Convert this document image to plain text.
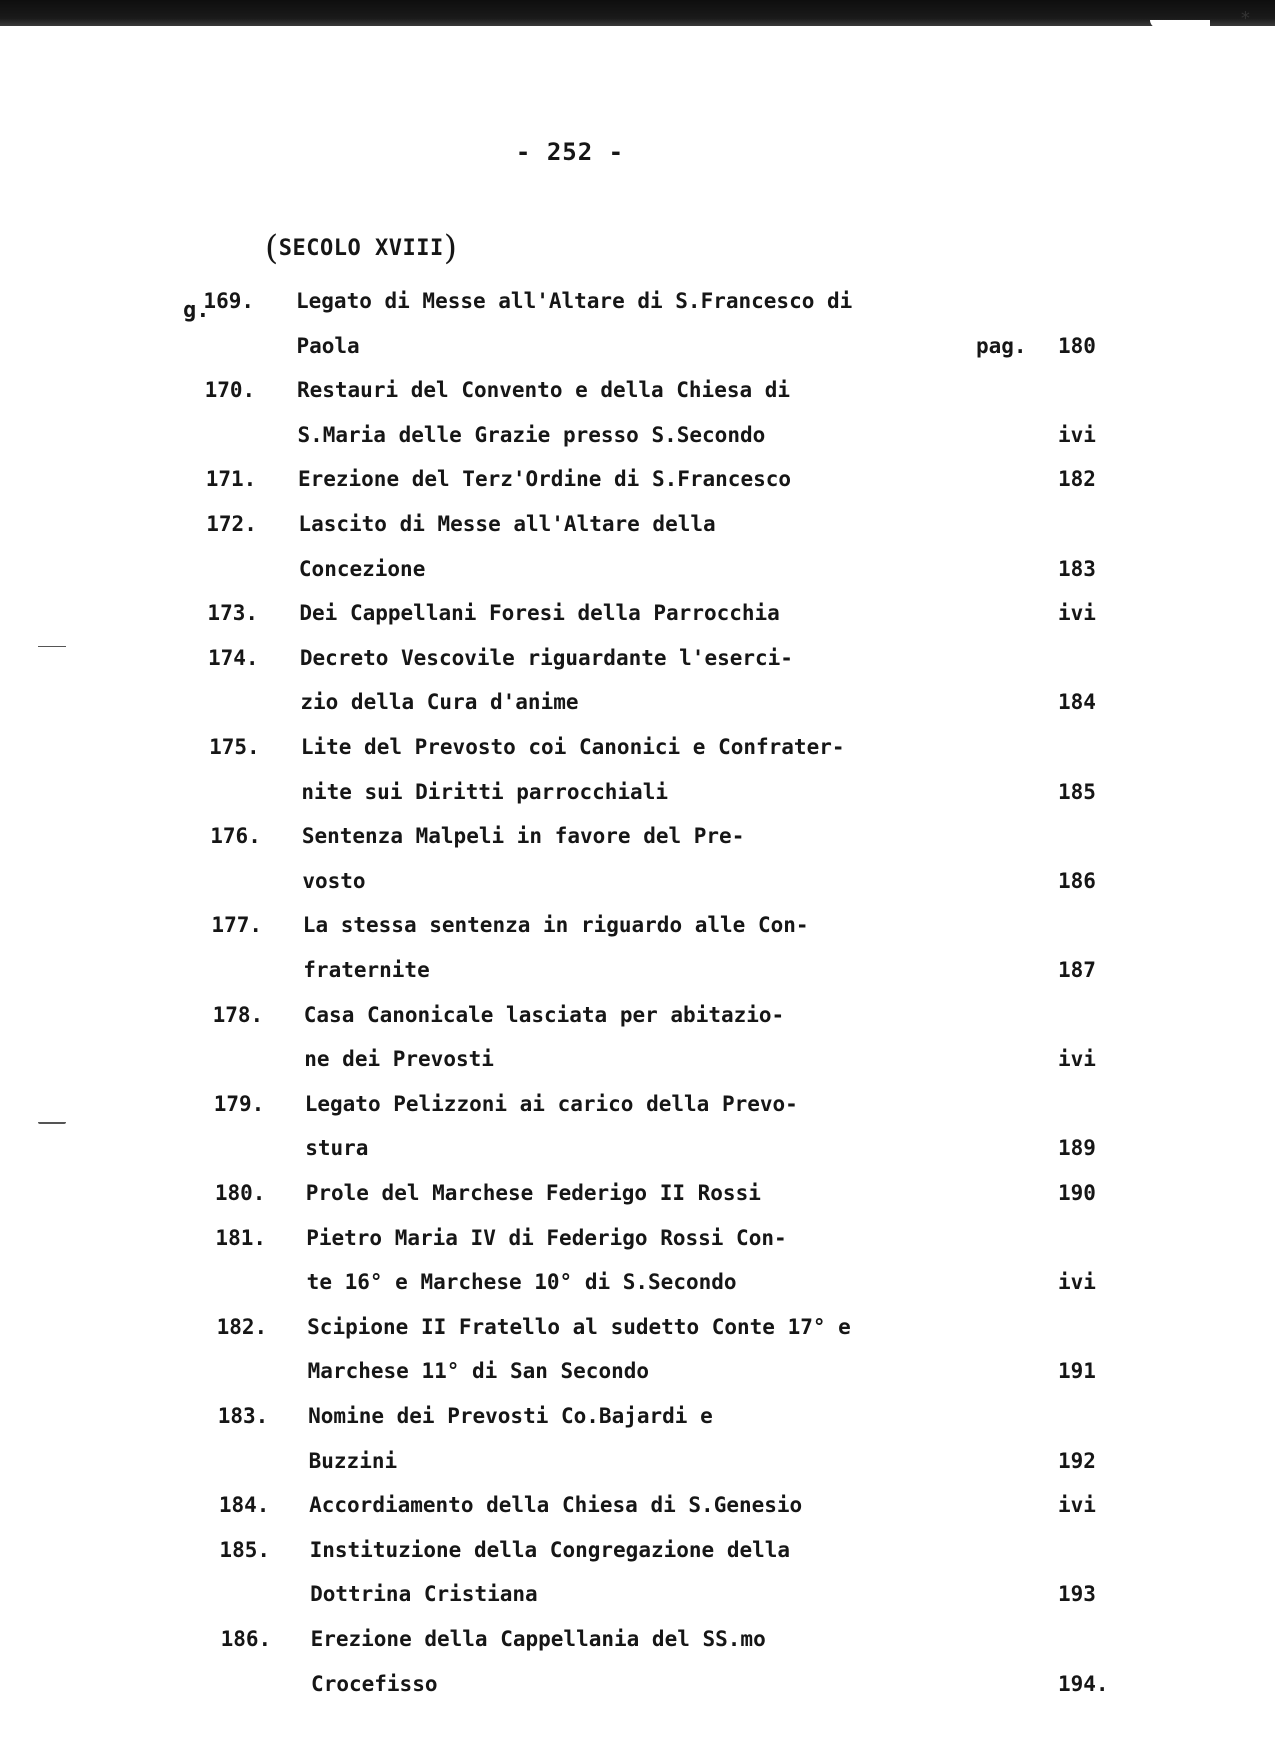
*
- 252 -
(SECOLO XVIII)
g.
169. Legato di Messe all'Altare di S.Francesco di
Paola	pag. 180
170. Restauri del Convento e della Chiesa di
S.Maria delle Grazie presso S.Secondo	ivi
171. Erezione del Terz'Ordine di S.Francesco	182
172. Lascito di Messe all'Altare della
Concezione	183
173. Dei Cappellani Foresi della Parrocchia	ivi
174. Decreto Vescovile riguardante l'eserci-
zio della Cura d'anime	184
175. Lite del Prevosto coi Canonici e Confrater-
nite sui Diritti parrocchiali	185
176. Sentenza Malpeli in favore del Pre-
vosto	186
177. La stessa sentenza in riguardo alle Con-
fraternite	187
178. Casa Canonicale lasciata per abitazio-
ne dei Prevosti	ivi
179. Legato Pelizzoni ai carico della Prevo-
stura	189
180. Prole del Marchese Federigo II Rossi	190
181. Pietro Maria IV di Federigo Rossi Con-
te 16° e Marchese 10° di S.Secondo	ivi
182. Scipione II Fratello al sudetto Conte 17° e
Marchese 11° di San Secondo	191
183. Nomine dei Prevosti Co.Bajardi e
Buzzini	192
184. Accordiamento della Chiesa di S.Genesio	ivi
185. Instituzione della Congregazione della
Dottrina Cristiana	193
186. Erezione della Cappellania del SS.mo
Crocefisso	194.
